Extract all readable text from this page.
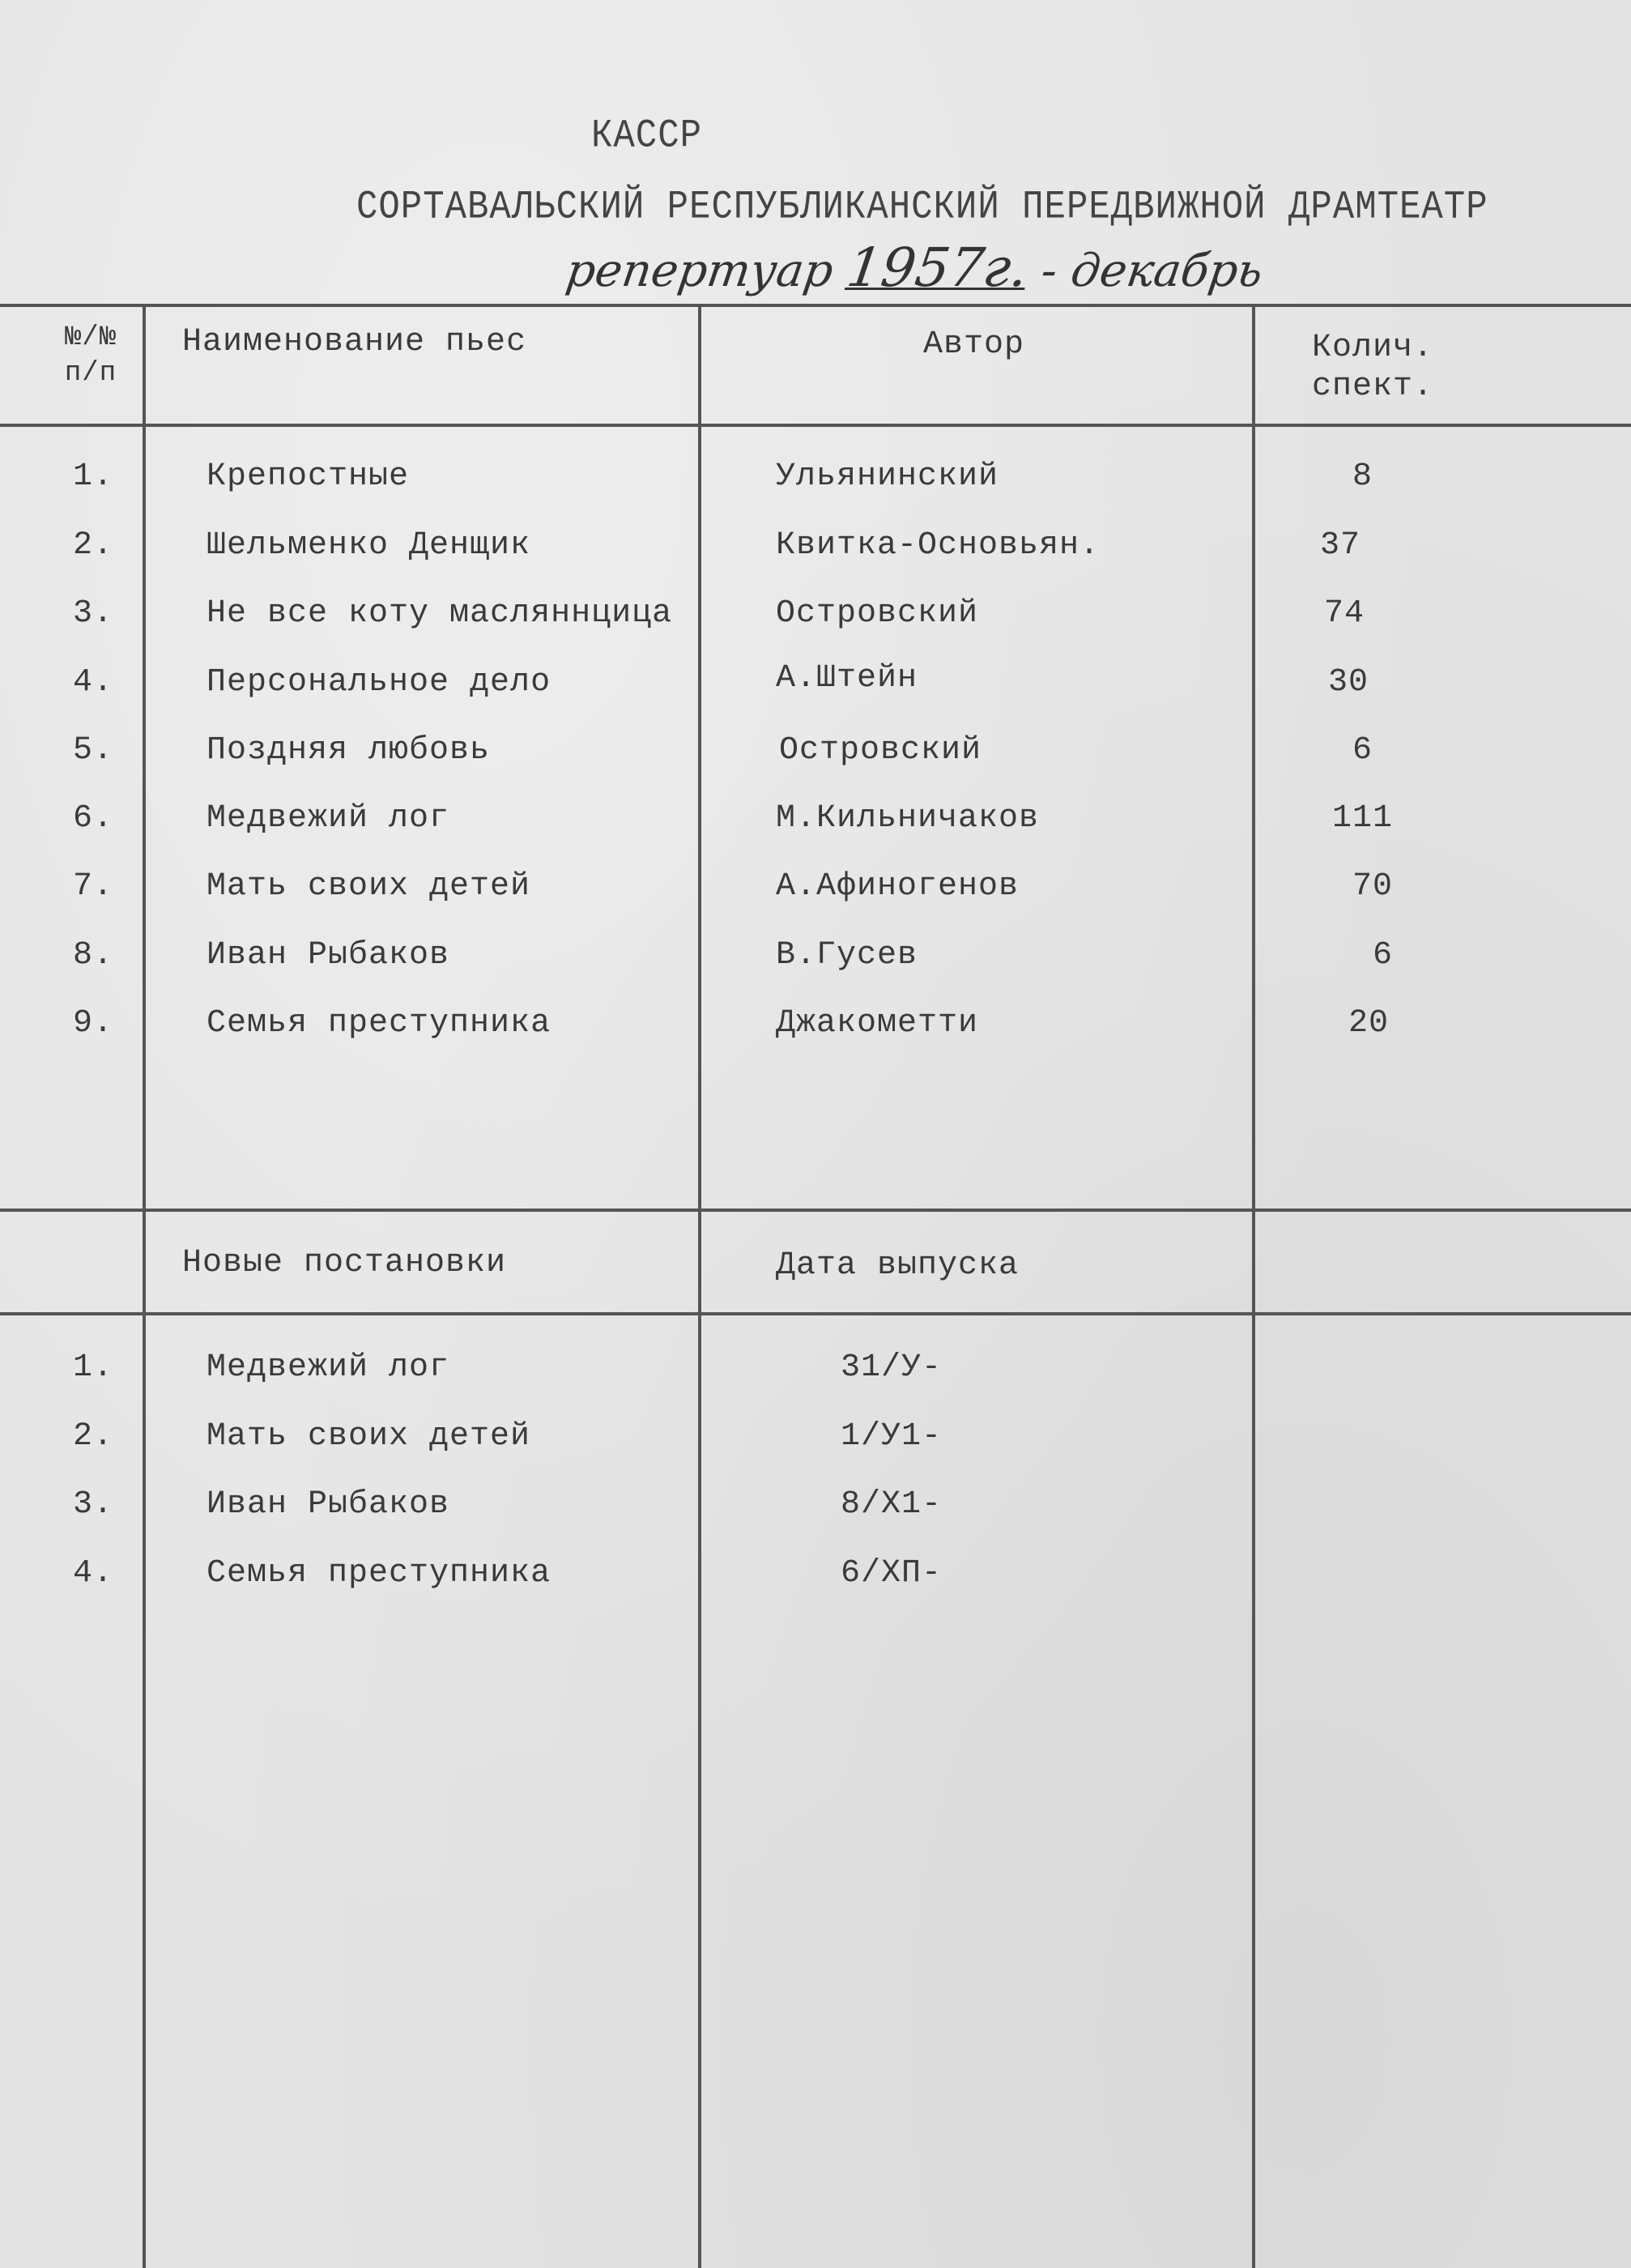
КАССР
СОРТАВАЛЬСКИЙ РЕСПУБЛИКАНСКИЙ ПЕРЕДВИЖНОЙ ДРАМТЕАТР
репертуар 1957г. - декабрь
№/№
п/п
Наименование пьес	Автор	Колич.
спект.
1.	Крепостные	Ульянинский	8
2.	Шельменко Денщик	Квитка-Основьян.	37
3.	Не все коту масляннцица	Островский	74
4.	Персональное дело	А.Штейн	30
5.	Поздняя любовь	Островский	6
6.	Медвежий лог	М.Кильничаков	111
7.	Мать своих детей	А.Афиногенов	70
8.	Иван Рыбаков	В.Гусев	6
9.	Семья преступника	Джакометти	20
Новые постановки	Дата выпуска
1.	Медвежий лог	31/У-
2.	Мать своих детей	1/У1-
3.	Иван Рыбаков	8/Х1-
4.	Семья преступника	6/ХП-
